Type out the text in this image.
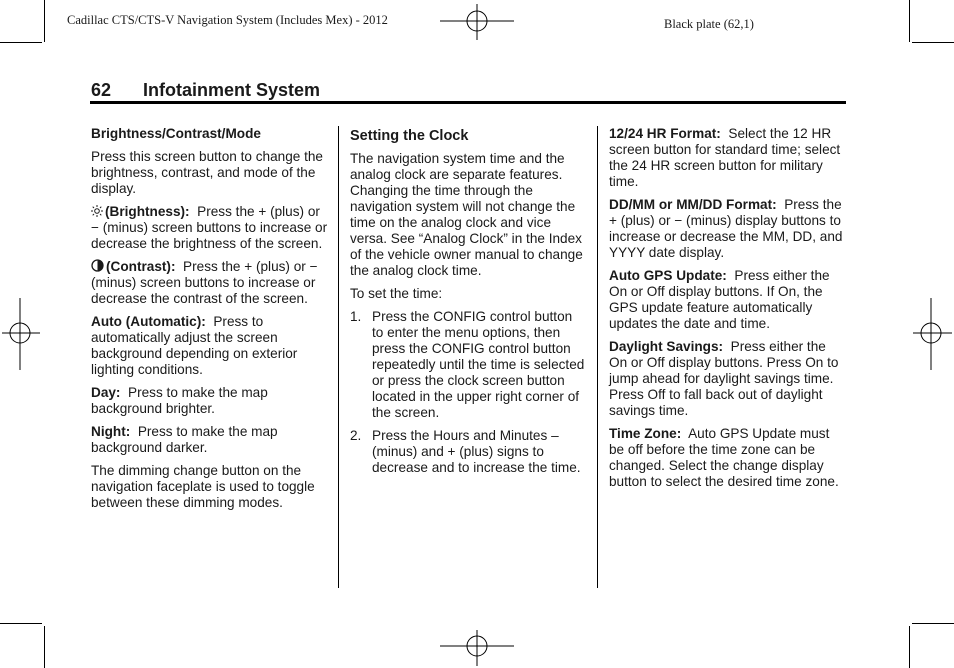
Cadillac CTS/CTS-V Navigation System (Includes Mex) - 2012	Black plate (62,1)
62 Infotainment System

Brightness/Contrast/Mode

Press this screen button to change the brightness, contrast, and mode of the display.

(Brightness): Press the + (plus) or − (minus) screen buttons to increase or decrease the brightness of the screen.

(Contrast): Press the + (plus) or − (minus) screen buttons to increase or decrease the contrast of the screen.

Auto (Automatic): Press to automatically adjust the screen background depending on exterior lighting conditions.

Day: Press to make the map background brighter.

Night: Press to make the map background darker.

The dimming change button on the navigation faceplate is used to toggle between these dimming modes.

Setting the Clock

The navigation system time and the analog clock are separate features. Changing the time through the navigation system will not change the time on the analog clock and vice versa. See “Analog Clock” in the Index of the vehicle owner manual to change the analog clock time.

To set the time:

1. Press the CONFIG control button to enter the menu options, then press the CONFIG control button repeatedly until the time is selected or press the clock screen button located in the upper right corner of the screen.
2. Press the Hours and Minutes – (minus) and + (plus) signs to decrease and to increase the time.

12/24 HR Format: Select the 12 HR screen button for standard time; select the 24 HR screen button for military time.

DD/MM or MM/DD Format: Press the + (plus) or − (minus) display buttons to increase or decrease the MM, DD, and YYYY date display.

Auto GPS Update: Press either the On or Off display buttons. If On, the GPS update feature automatically updates the date and time.

Daylight Savings: Press either the On or Off display buttons. Press On to jump ahead for daylight savings time. Press Off to fall back out of daylight savings time.

Time Zone: Auto GPS Update must be off before the time zone can be changed. Select the change display button to select the desired time zone.
